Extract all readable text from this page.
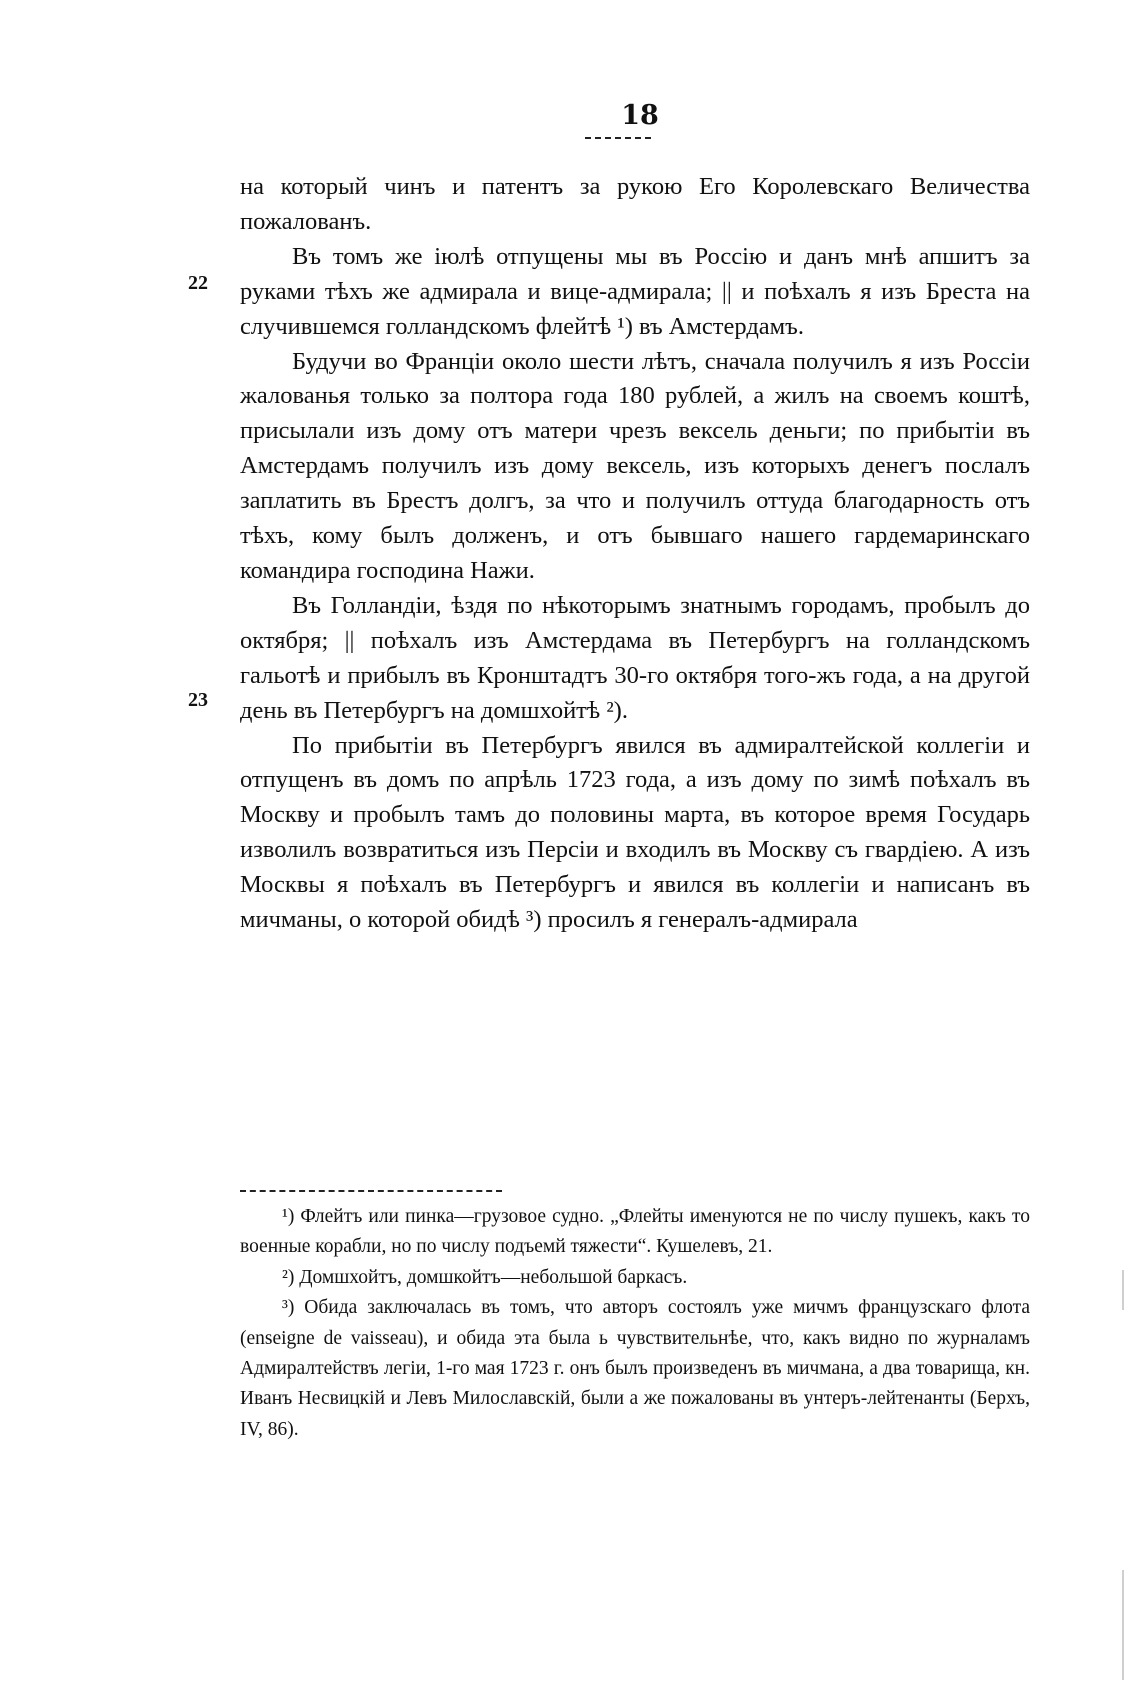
18
22
23

на который чинъ и патентъ за рукою Его Королевскаго Величества пожалованъ.

Въ томъ же iюлѣ отпущены мы въ Россiю и данъ мнѣ апшитъ за руками тѣхъ же адмирала и вице-адмирала; || и поѣхалъ я изъ Бреста на случившемся голландскомъ флейтѣ ¹) въ Амстердамъ.

Будучи во Францiи около шести лѣтъ, сначала получилъ я изъ Россiи жалованья только за полтора года 180 рублей, а жилъ на своемъ коштѣ, присылали изъ дому отъ матери чрезъ вексель деньги; по прибытiи въ Амстердамъ получилъ изъ дому вексель, изъ которыхъ денегъ послалъ заплатить въ Брестъ долгъ, за что и получилъ оттуда благодарность отъ тѣхъ, кому былъ долженъ, и отъ бывшаго нашего гардемаринскаго командира господина Нажи.

Въ Голландiи, ѣздя по нѣкоторымъ знатнымъ городамъ, пробылъ до октября; || поѣхалъ изъ Амстердама въ Петербургъ на голландскомъ гальотѣ и прибылъ въ Кронштадтъ 30-го октября того-жъ года, а на другой день въ Петербургъ на домшхойтѣ ²).

По прибытiи въ Петербургъ явился въ адмиралтейской коллегiи и отпущенъ въ домъ по апрѣль 1723 года, а изъ дому по зимѣ поѣхалъ въ Москву и пробылъ тамъ до половины марта, въ которое время Государь изволилъ возвратиться изъ Персiи и входилъ въ Москву съ гвардiею. А изъ Москвы я поѣхалъ въ Петербургъ и явился въ коллегiи и написанъ въ мичманы, о которой обидѣ ³) просилъ я генералъ-адмирала

¹) Флейтъ или пинка—грузовое судно. „Флейты именуются не по числу пушекъ, какъ то военные корабли, но по числу подъемй тяжести“. Кушелевъ, 21.

²) Домшхойтъ, домшкойтъ—небольшой баркасъ.

³) Обида заключалась въ томъ, что авторъ состоялъ уже мичмъ французскаго флота (enseigne de vaisseau), и обида эта была ь чувствительнѣе, что, какъ видно по журналамъ Адмиралтействъ легiи, 1-го мая 1723 г. онъ былъ произведенъ въ мичмана, а два товарища, кн. Иванъ Несвицкiй и Левъ Милославскiй, были а же пожалованы въ унтеръ-лейтенанты (Берхъ, IV, 86).
